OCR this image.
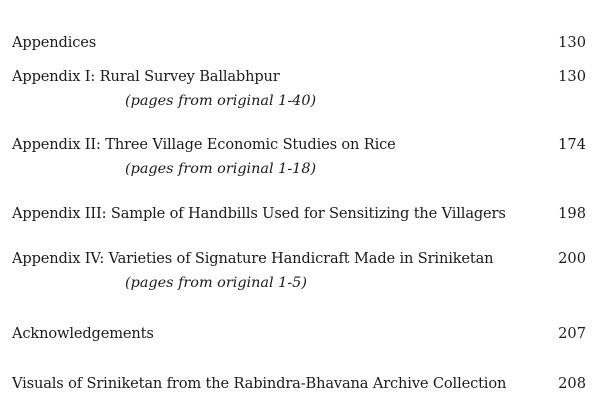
Appendices	130
Appendix I: Rural Survey Ballabhpur	130
(pages from original 1-40)
Appendix II: Three Village Economic Studies on Rice	174
(pages from original 1-18)
Appendix III: Sample of Handbills Used for Sensitizing the Villagers	198
Appendix IV: Varieties of Signature Handicraft Made in Sriniketan	200
(pages from original 1-5)
Acknowledgements	207
Visuals of Sriniketan from the Rabindra-Bhavana Archive Collection	208
